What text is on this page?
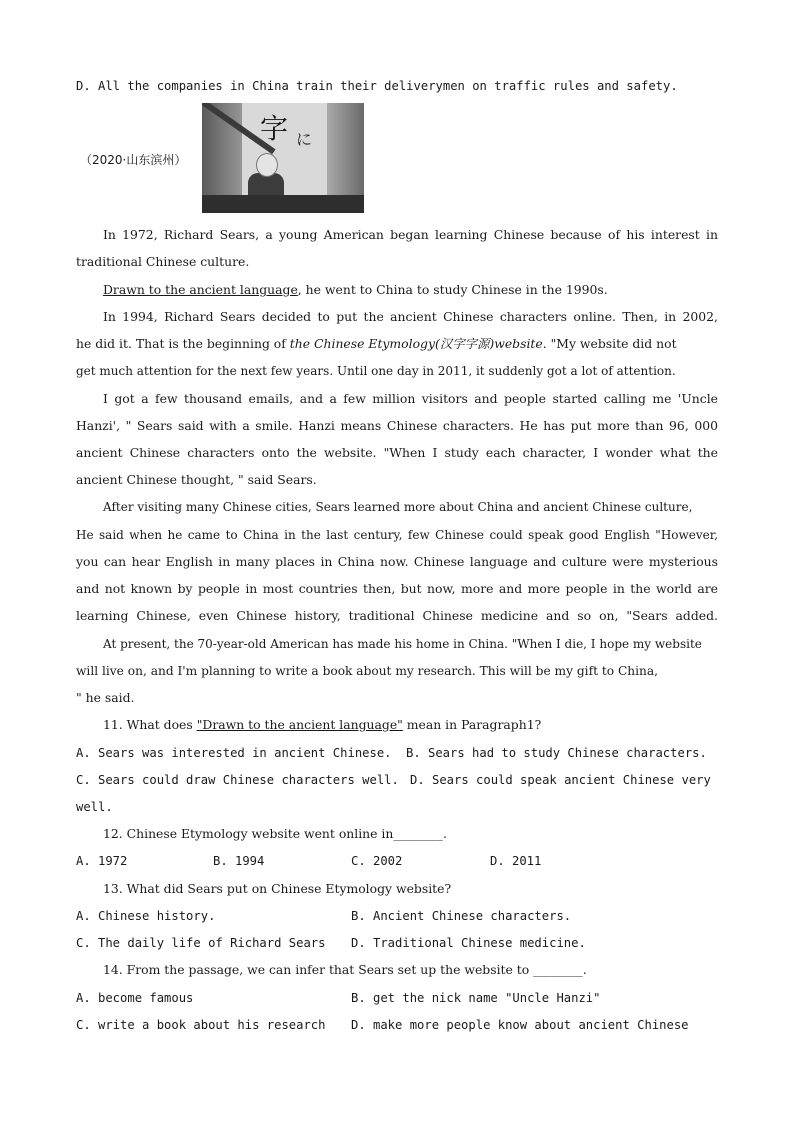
D. All the companies in China train their deliverymen on traffic rules and safety.
In 1972, Richard Sears, a young American began learning Chinese because of his interest in
traditional Chinese culture.
Drawn to the ancient language, he went to China to study Chinese in the 1990s.
In 1994, Richard Sears decided to put the ancient Chinese characters online. Then, in 2002,
he did it. That is the beginning of the Chinese Etymology(汉字字源)website. "My website did not
get much attention for the next few years. Until one day in 2011, it suddenly got a lot of attention.
I got a few thousand emails, and a few million visitors and people started calling me 'Uncle
Hanzi', " Sears said with a smile. Hanzi means Chinese characters. He has put more than 96, 000
ancient Chinese characters onto the website. "When I study each character, I wonder what the
ancient Chinese thought, " said Sears.
After visiting many Chinese cities, Sears learned more about China and ancient Chinese culture,
He said when he came to China in the last century, few Chinese could speak good English "However,
you can hear English in many places in China now. Chinese language and culture were mysterious
and not known by people in most countries then, but now, more and more people in the world are
learning Chinese, even Chinese history, traditional Chinese medicine and so on, "Sears added.
At present, the 70-year-old American has made his home in China. "When I die, I hope my website
will live on, and I'm planning to write a book about my research. This will be my gift to China,
" he said.
11. What does "Drawn to the ancient language" mean in Paragraph1?
A. Sears was interested in ancient Chinese. B. Sears had to study Chinese characters.
C. Sears could draw Chinese characters well. D. Sears could speak ancient Chinese very
well.
12. Chinese Etymology website went online in________.
A. 1972	B. 1994	C. 2002	D. 2011
13. What did Sears put on Chinese Etymology website?
A. Chinese history.	B. Ancient Chinese characters.
C. The daily life of Richard Sears D. Traditional Chinese medicine.
14. From the passage, we can infer that Sears set up the website to ________.
A. become famous	B. get the nick name "Uncle Hanzi"
C. write a book about his research D. make more people know about ancient Chinese
（2020·山东滨州）
字 に
